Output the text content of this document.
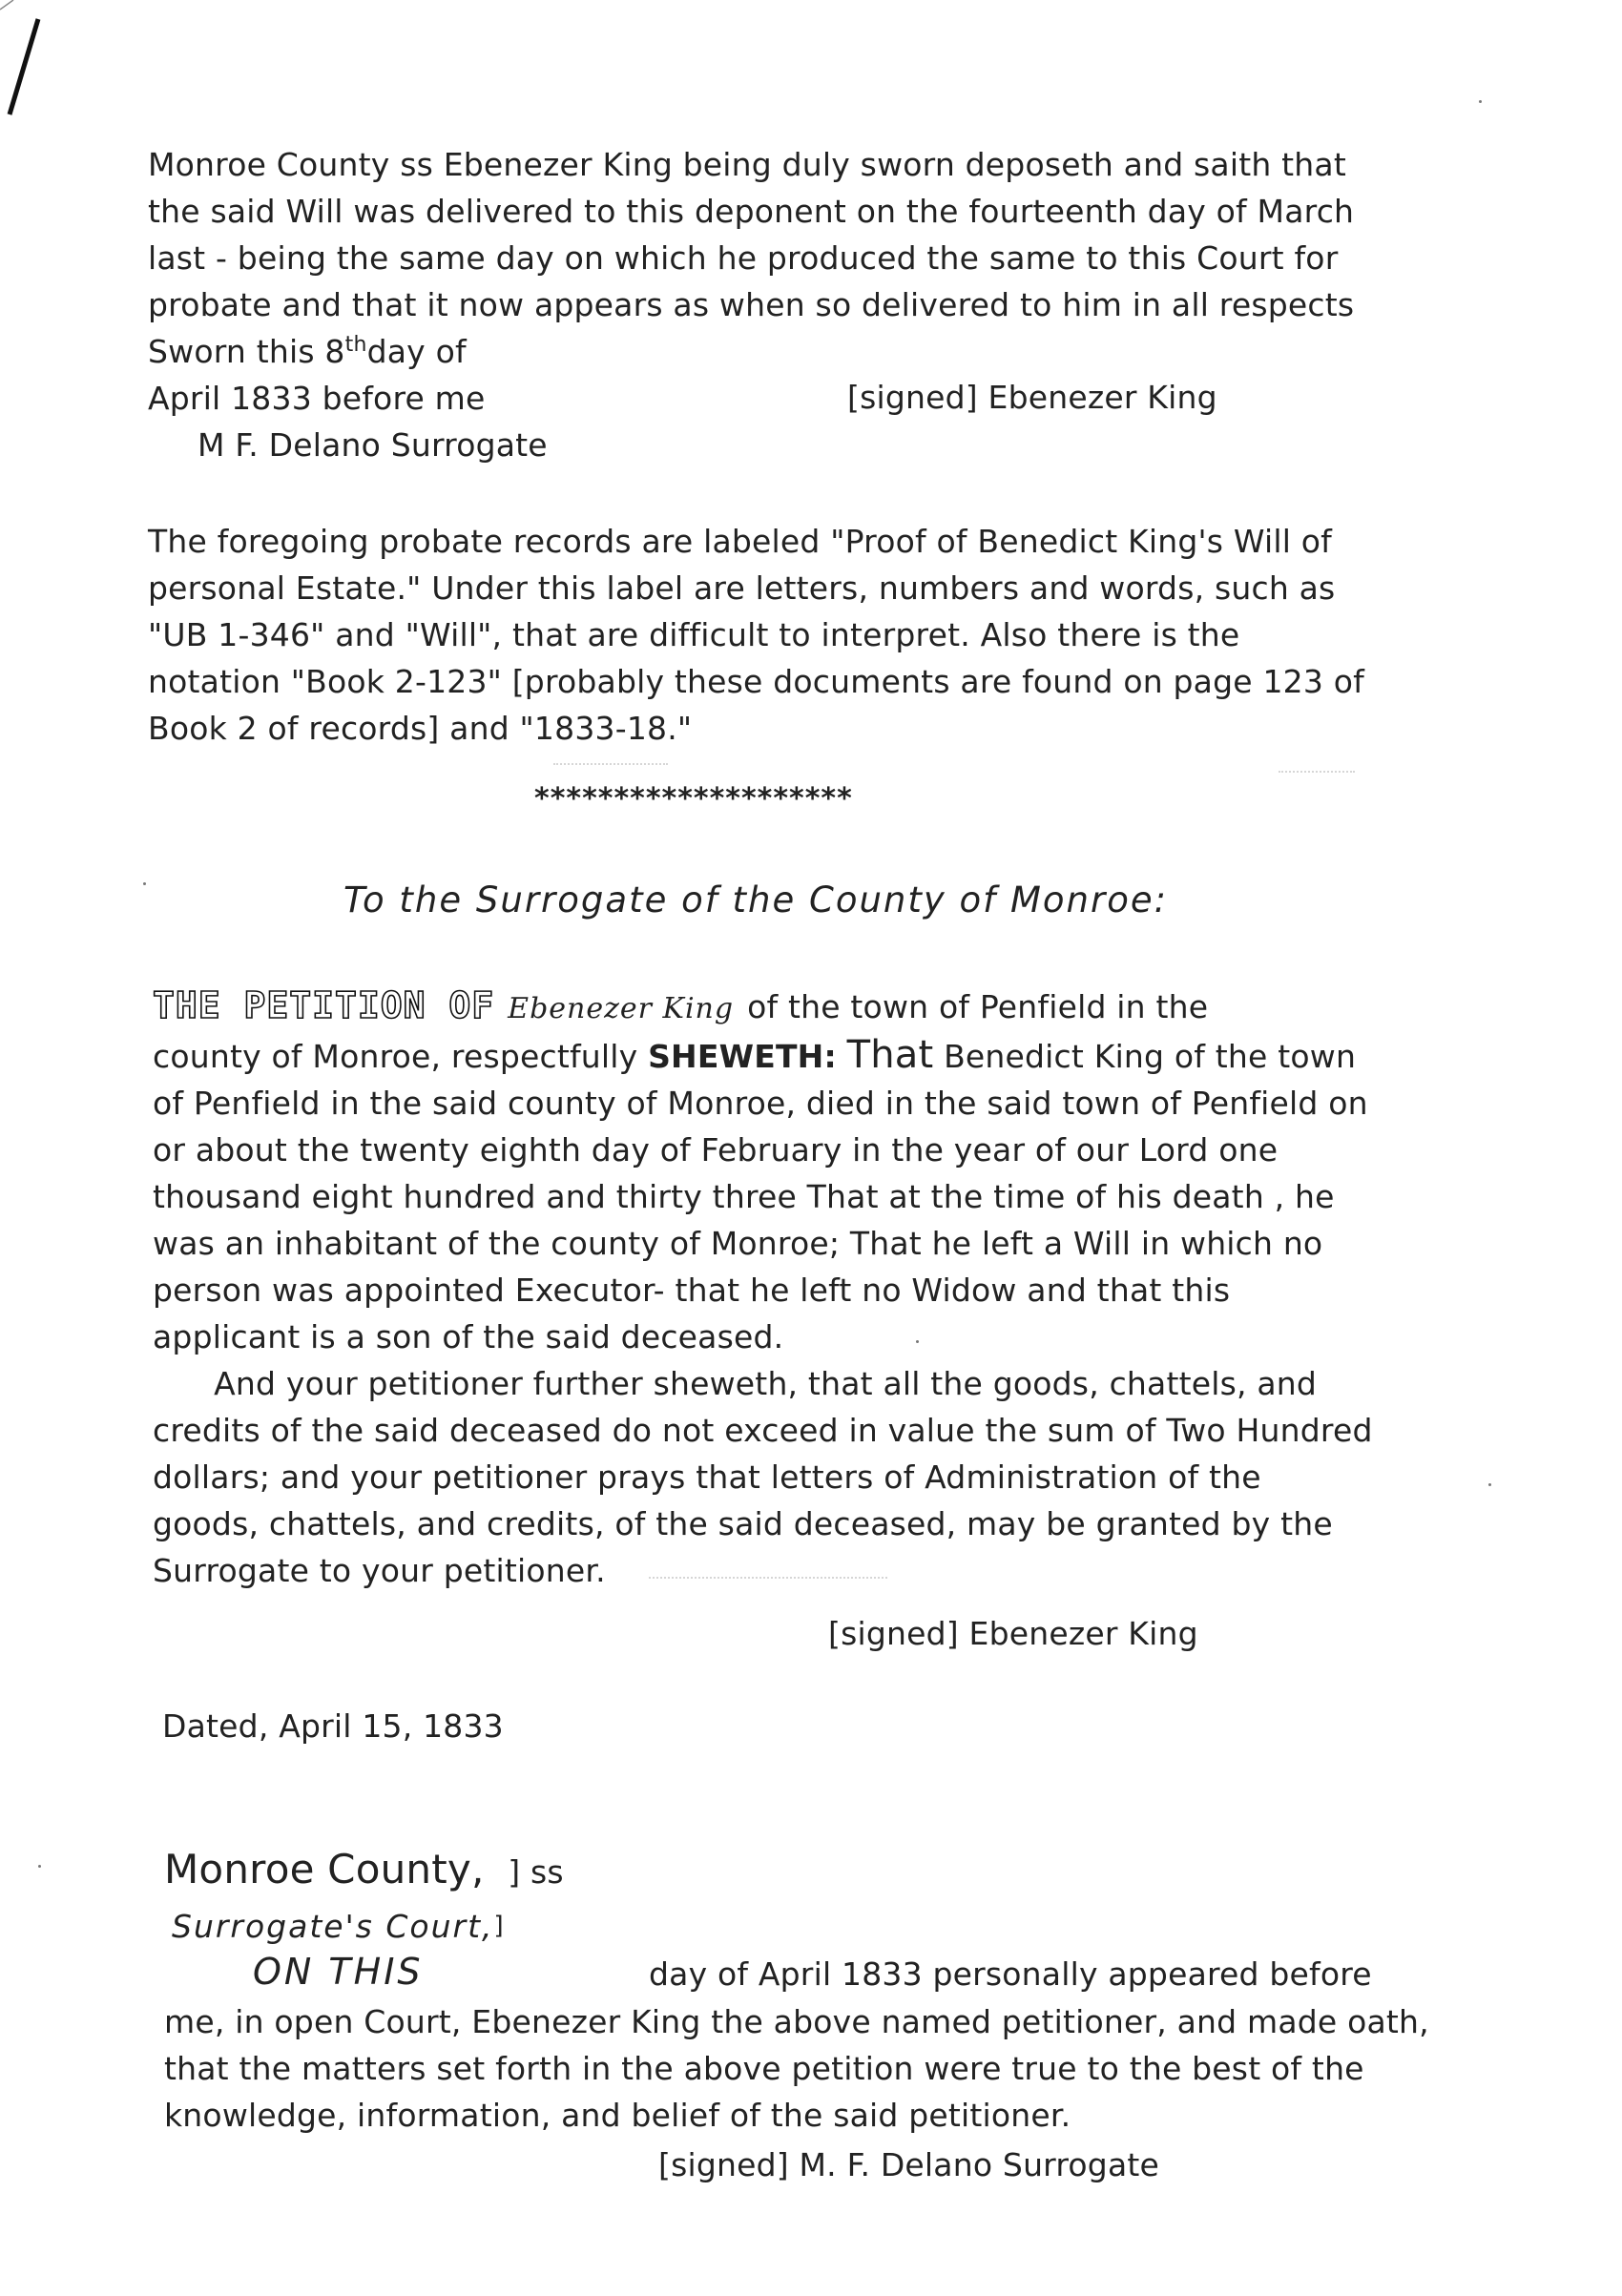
Monroe County ss Ebenezer King being duly sworn deposeth and saith that
the said Will was delivered to this deponent on the fourteenth day of March
last - being the same day on which he produced the same to this Court for
probate and that it now appears as when so delivered to him in all respects
Sworn this 8thday of
April 1833 before me
M F. Delano Surrogate
[signed] Ebenezer King
The foregoing probate records are labeled "Proof of Benedict King's Will of
personal Estate." Under this label are letters, numbers and words, such as
"UB 1-346" and "Will", that are difficult to interpret. Also there is the
notation "Book 2-123" [probably these documents are found on page 123 of
Book 2 of records] and "1833-18."
********************
To the Surrogate of the County of Monroe:
THE PETITION OF Ebenezer King of the town of Penfield in the
county of Monroe, respectfully SHEWETH: That Benedict King of the town
of Penfield in the said county of Monroe, died in the said town of Penfield on
or about the twenty eighth day of February in the year of our Lord one
thousand eight hundred and thirty three That at the time of his death , he
was an inhabitant of the county of Monroe; That he left a Will in which no
person was appointed Executor- that he left no Widow and that this
applicant is a son of the said deceased.
And your petitioner further sheweth, that all the goods, chattels, and
credits of the said deceased do not exceed in value the sum of Two Hundred
dollars; and your petitioner prays that letters of Administration of the
goods, chattels, and credits, of the said deceased, may be granted by the
Surrogate to your petitioner.
[signed] Ebenezer King
Dated, April 15, 1833
Monroe County, ] ss
Surrogate's Court,]
ON THIS	day of April 1833 personally appeared before
me, in open Court, Ebenezer King the above named petitioner, and made oath,
that the matters set forth in the above petition were true to the best of the
knowledge, information, and belief of the said petitioner.
[signed] M. F. Delano Surrogate
